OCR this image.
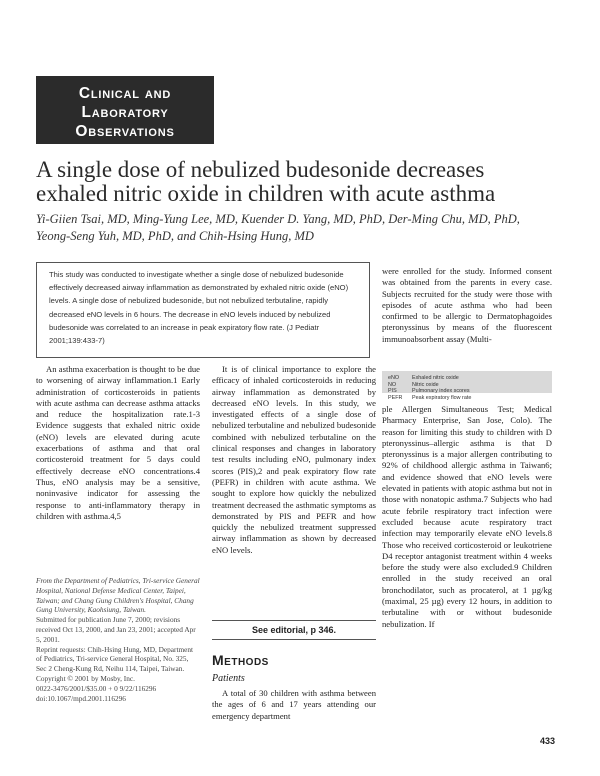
Clinical and
Laboratory
Observations
A single dose of nebulized budesonide decreases
exhaled nitric oxide in children with acute asthma
Yi-Giien Tsai, MD, Ming-Yung Lee, MD, Kuender D. Yang, MD, PhD, Der-Ming Chu, MD, PhD,
Yeong-Seng Yuh, MD, PhD, and Chih-Hsing Hung, MD
This study was conducted to investigate whether a single dose of nebulized budesonide effectively decreased airway inflammation as demonstrated by exhaled nitric oxide (eNO) levels. A single dose of nebulized budesonide, but not nebulized terbutaline, rapidly decreased eNO levels in 6 hours. The decrease in eNO levels induced by nebulized budesonide was correlated to an increase in peak expiratory flow rate. (J Pediatr 2001;139:433-7)

An asthma exacerbation is thought to be due to worsening of airway inflammation.1 Early administration of corticosteroids in patients with acute asthma can decrease asthma attacks and reduce the hospitalization rate.1-3 Evidence suggests that exhaled nitric oxide (eNO) levels are elevated during acute exacerbations of asthma and that oral corticosteroid treatment for 5 days could effectively decrease eNO concentrations.4 Thus, eNO analysis may be a sensitive, noninvasive indicator for assessing the response to anti-inflammatory therapy in children with asthma.4,5

From the Department of Pediatrics, Tri-service General Hospital, National Defense Medical Center, Taipei, Taiwan; and Chang Gung Children's Hospital, Chang Gung University, Kaohsiung, Taiwan.
Submitted for publication June 7, 2000; revisions received Oct 13, 2000, and Jan 23, 2001; accepted Apr 5, 2001.
Reprint requests: Chih-Hsing Hung, MD, Department of Pediatrics, Tri-service General Hospital, No. 325, Sec 2 Cheng-Kung Rd, Neihu 114, Taipei, Taiwan.
Copyright © 2001 by Mosby, Inc.
0022-3476/2001/$35.00 + 0 9/22/116296
doi:10.1067/mpd.2001.116296

It is of clinical importance to explore the efficacy of inhaled corticosteroids in reducing airway inflammation as demonstrated by decreased eNO levels. In this study, we investigated effects of a single dose of nebulized terbutaline and nebulized budesonide combined with nebulized terbutaline on the clinical responses and changes in laboratory test results including eNO, pulmonary index scores (PIS),2 and peak expiratory flow rate (PEFR) in children with acute asthma. We sought to explore how quickly the nebulized treatment decreased the asthmatic symptoms as demonstrated by PIS and PEFR and how quickly the nebulized treatment suppressed airway inflammation as shown by decreased eNO levels.

See editorial, p 346.
Methods
Patients

A total of 30 children with asthma between the ages of 6 and 17 years attending our emergency department

were enrolled for the study. Informed consent was obtained from the parents in every case. Subjects recruited for the study were those with episodes of acute asthma who had been confirmed to be allergic to Dermatophagoides pteronyssinus by means of the fluorescent immunoabsorbent assay (Multi-

eNO	Exhaled nitric oxide
NO	Nitric oxide
PIS	Pulmonary index scores
PEFR	Peak expiratory flow rate

ple Allergen Simultaneous Test; Medical Pharmacy Enterprise, San Jose, Colo). The reason for limiting this study to children with D pteronyssinus–allergic asthma is that D pteronyssinus is a major allergen contributing to 92% of childhood allergic asthma in Taiwan6; and evidence showed that eNO levels were elevated in patients with atopic asthma but not in those with nonatopic asthma.7 Subjects who had acute febrile respiratory tract infection were excluded because acute respiratory tract infection may temporarily elevate eNO levels.8 Those who received corticosteroid or leukotriene D4 receptor antagonist treatment within 4 weeks before the study were also excluded.9 Children enrolled in the study received an oral bronchodilator, such as procaterol, at 1 µg/kg (maximal, 25 µg) every 12 hours, in addition to terbutaline with or without budesonide nebulization. If

433
